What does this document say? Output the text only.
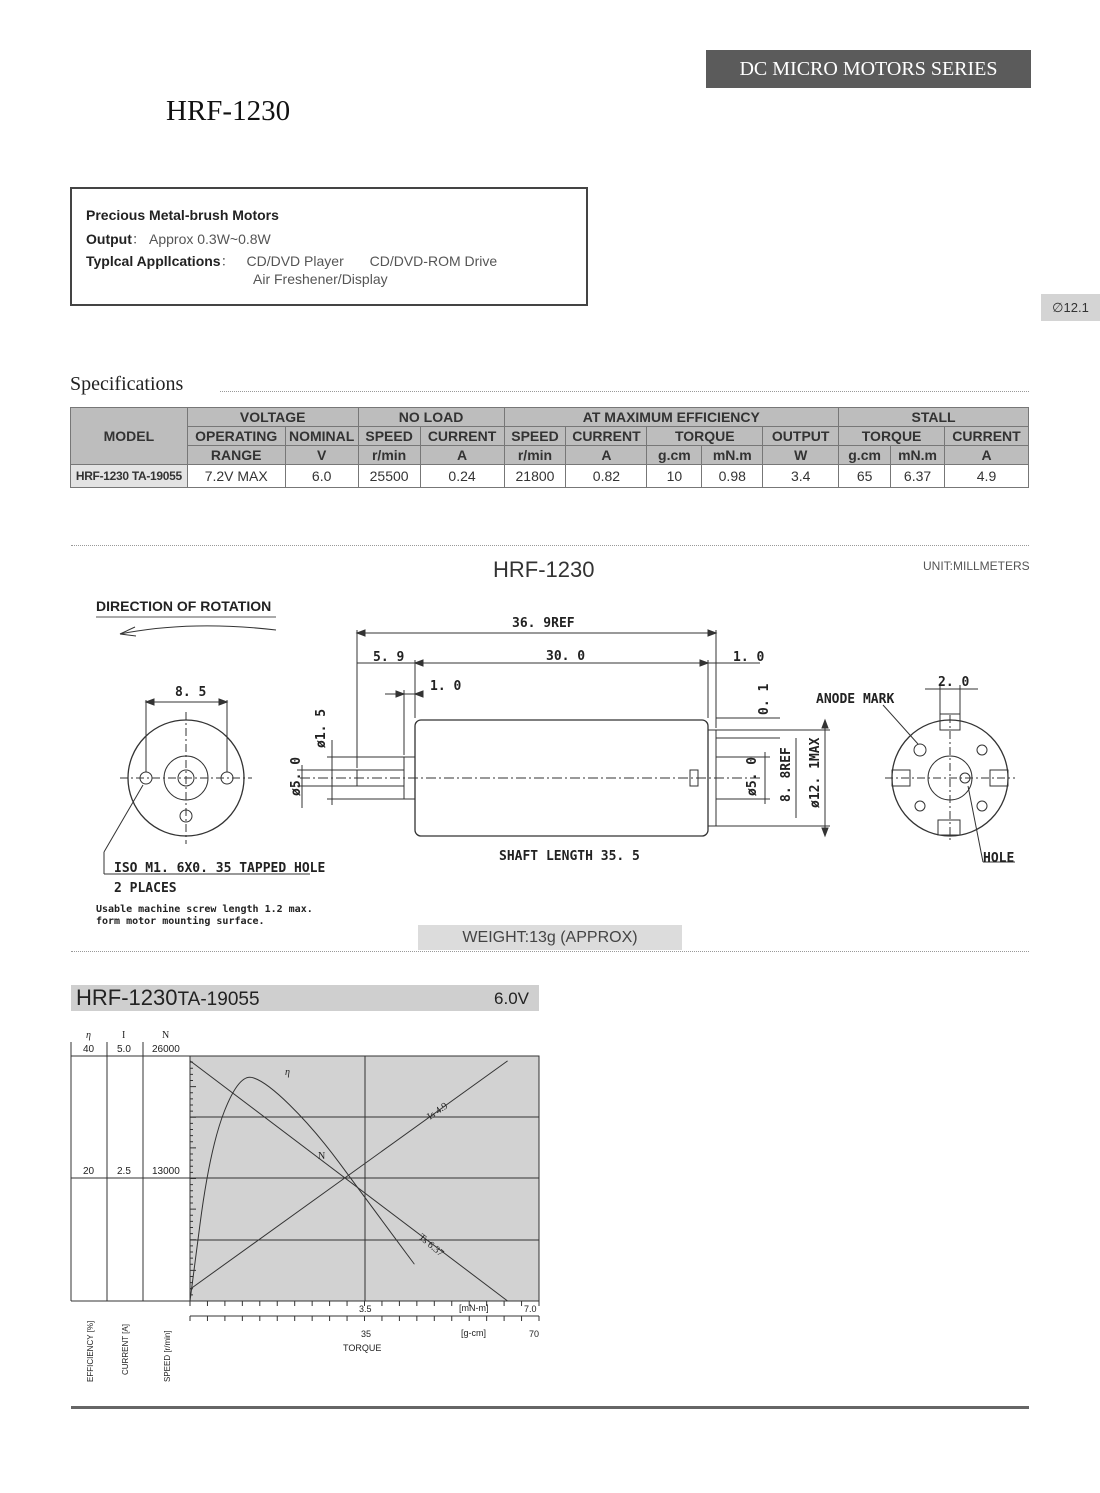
DC MICRO MOTORS SERIES
HRF-1230
Precious Metal-brush Motors
Output： Approx 0.3W~0.8W
Typlcal Appllcations： CD/DVD Player CD/DVD-ROM Drive
Air Freshener/Display
∅12.1
Specifications
MODEL	VOLTAGE		NO LOAD		AT MAXIMUM EFFICIENCY					STALL		
	OPERATING	NOMINAL	SPEED	CURRENT	SPEED	CURRENT	TORQUE		OUTPUT	TORQUE		CURRENT
	RANGE	V	r/min	A	r/min	A	g.cm	mN.m	W	g.cm	mN.m	A
HRF-1230 TA-19055	7.2V MAX	6.0	25500	0.24	21800	0.82	10	0.98	3.4	65	6.37	4.9
HRF-1230	UNIT:MILLMETERS
DIRECTION OF ROTATION
8. 5
ISO M1. 6X0. 35 TAPPED HOLE
2 PLACES
Usable machine screw length 1.2 max.
form motor mounting surface.
36. 9REF
5. 9	30. 0
1. 0
1. 0
0. 1
ø1. 5
ø5. 0	ø5. 0 8. 8REF ø12. 1MAX
SHAFT LENGTH 35. 5
2. 0
ANODE MARK
HOLE
WEIGHT:13g (APPROX)
HRF-1230TA-19055	6.0V
η	I	N
40 5.0 26000
20 2.5 13000
η
N
Is 4.9
Ts 6.37
3.5	[mN-m]	7.0
35	[g-cm]	70
TORQUE
EFFICIENCY [%]	CURRENT [A]	SPEED [r/min]
